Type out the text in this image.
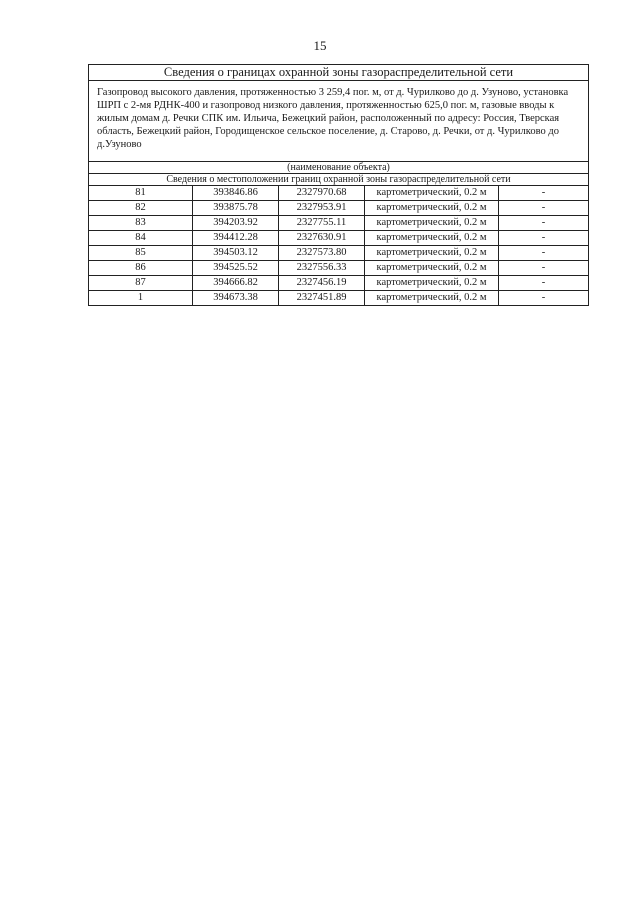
15
Сведения о границах охранной зоны газораспределительной сети				
Газопровод высокого давления, протяженностью 3 259,4 пог. м, от д. Чурилково до д. Узуново, установка ШРП с 2-мя РДНК-400 и газопровод низкого давления, протяженностью 625,0 пог. м, газовые вводы к жилым домам д. Речки СПК им. Ильича, Бежецкий район, расположенный по адресу: Россия, Тверская область, Бежецкий район, Городищенское сельское поселение, д. Старово, д. Речки, от д. Чурилково до д.Узуново				
(наименование объекта)				
Сведения о местоположении границ охранной зоны газораспределительной сети				
81	393846.86	2327970.68	картометрический, 0.2 м	-
82	393875.78	2327953.91	картометрический, 0.2 м	-
83	394203.92	2327755.11	картометрический, 0.2 м	-
84	394412.28	2327630.91	картометрический, 0.2 м	-
85	394503.12	2327573.80	картометрический, 0.2 м	-
86	394525.52	2327556.33	картометрический, 0.2 м	-
87	394666.82	2327456.19	картометрический, 0.2 м	-
1	394673.38	2327451.89	картометрический, 0.2 м	-
